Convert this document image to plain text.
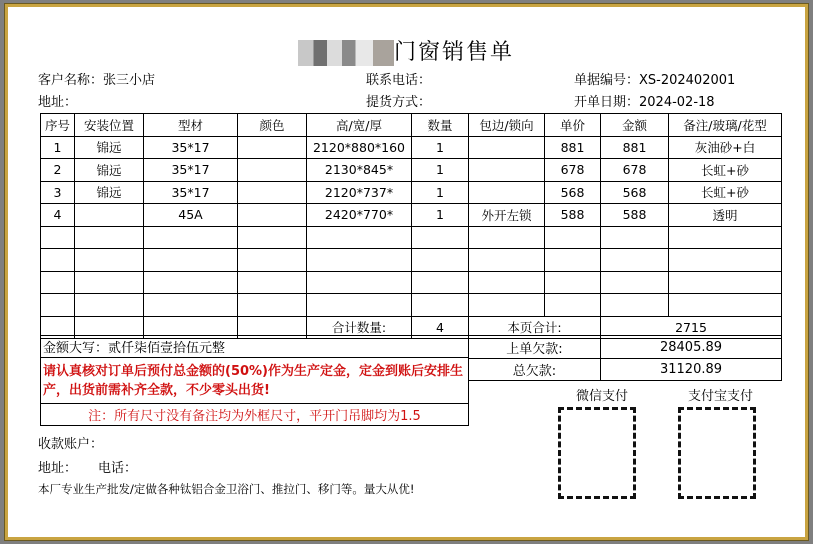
门窗销售单
客户名称：张三小店	联系电话：	单据编号：XS-202402001
地址：	提货方式：	开单日期：2024-02-18
序号	安装位置	型材	颜色	高/宽/厚	数量	包边/锁向	单价	金额	备注/玻璃/花型
1	锦远	35*17		2120*880*160	1		881	881	灰油砂+白
2	锦远	35*17		2130*845*	1		678	678	长虹+砂
3	锦远	35*17		2120*737*	1		568	568	长虹+砂
4		45A		2420*770*	1	外开左锁	588	588	透明

				合计数量:	4	本页合计:		2715	
金额大写：贰仟柒佰壹拾伍元整
请认真核对订单后预付总金额的(50%)作为生产定金，定金到账后安排生产，出货前需补齐全款，不少零头出货!
注：所有尺寸没有备注均为外框尺寸，平开门吊脚均为1.5
上单欠款:	28405.89
总欠款:	31120.89
微信支付	支付宝支付
收款账户：
地址： 电话：
本厂专业生产批发/定做各种钛铝合金卫浴门、推拉门、移门等。量大从优!
